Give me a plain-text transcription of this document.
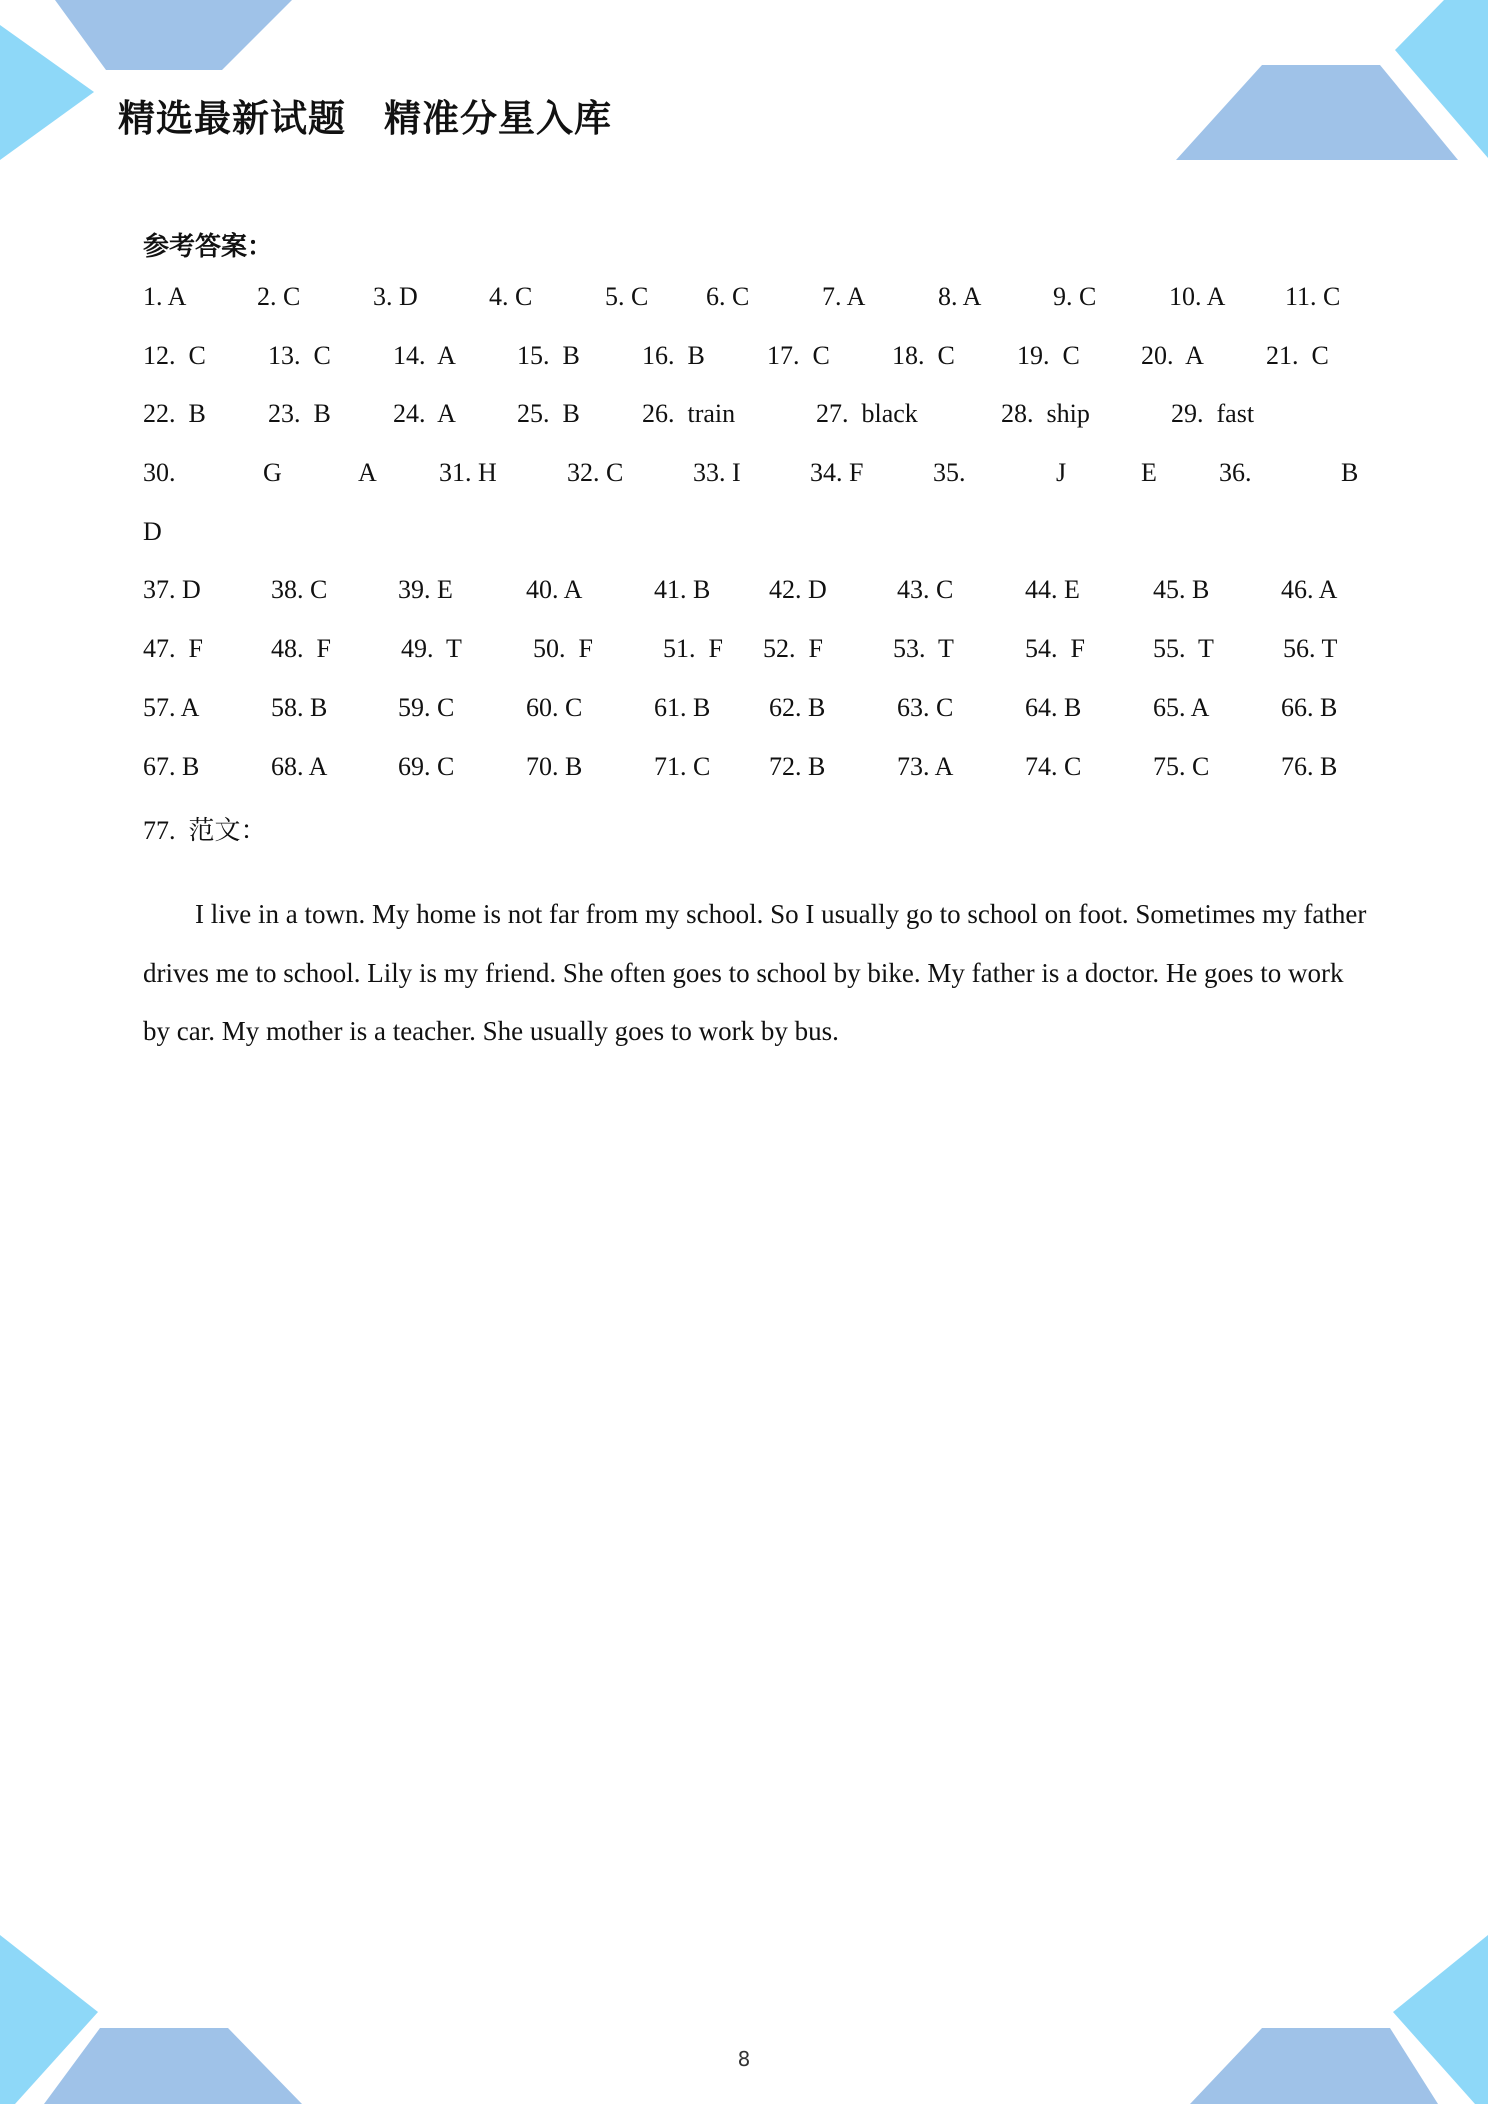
精选最新试题　精准分星入库
参考答案：
1. A	2. C	3. D	4. C	5. C 6. C	7. A	8. A	9. C	10. A 11. C
12.  C 13.  C 14.  A 15.  B 16.  B 17.  C 18.  C 19.  C 20.  A 21.  C
22.  B 23.  B 24.  A 25.  B 26.  train	27.  black	28.  ship	29.  fast
30.	G	A 31. H	32. C	33. I	34. F	35.	J	E 36.	B
D
37. D	38. C	39. E	40. A	41. B 42. D	43. C	44. E	45. B	46. A
47.  F	48.  F	49.  T	50.  F	51.  F 52.  F	53.  T	54.  F	55.  T	56. T
57. A	58. B	59. C	60. C	61. B 62. B	63. C	64. B	65. A	66. B
67. B	68. A	69. C	70. B	71. C 72. B	73. A	74. C	75. C	76. B
77.  范文：

I live in a town. My home is not far from my school. So I usually go to school on foot. Sometimes my father drives me to school. Lily is my friend. She often goes to school by bike. My father is a doctor. He goes to work by car. My mother is a teacher. She usually goes to work by bus.

8
